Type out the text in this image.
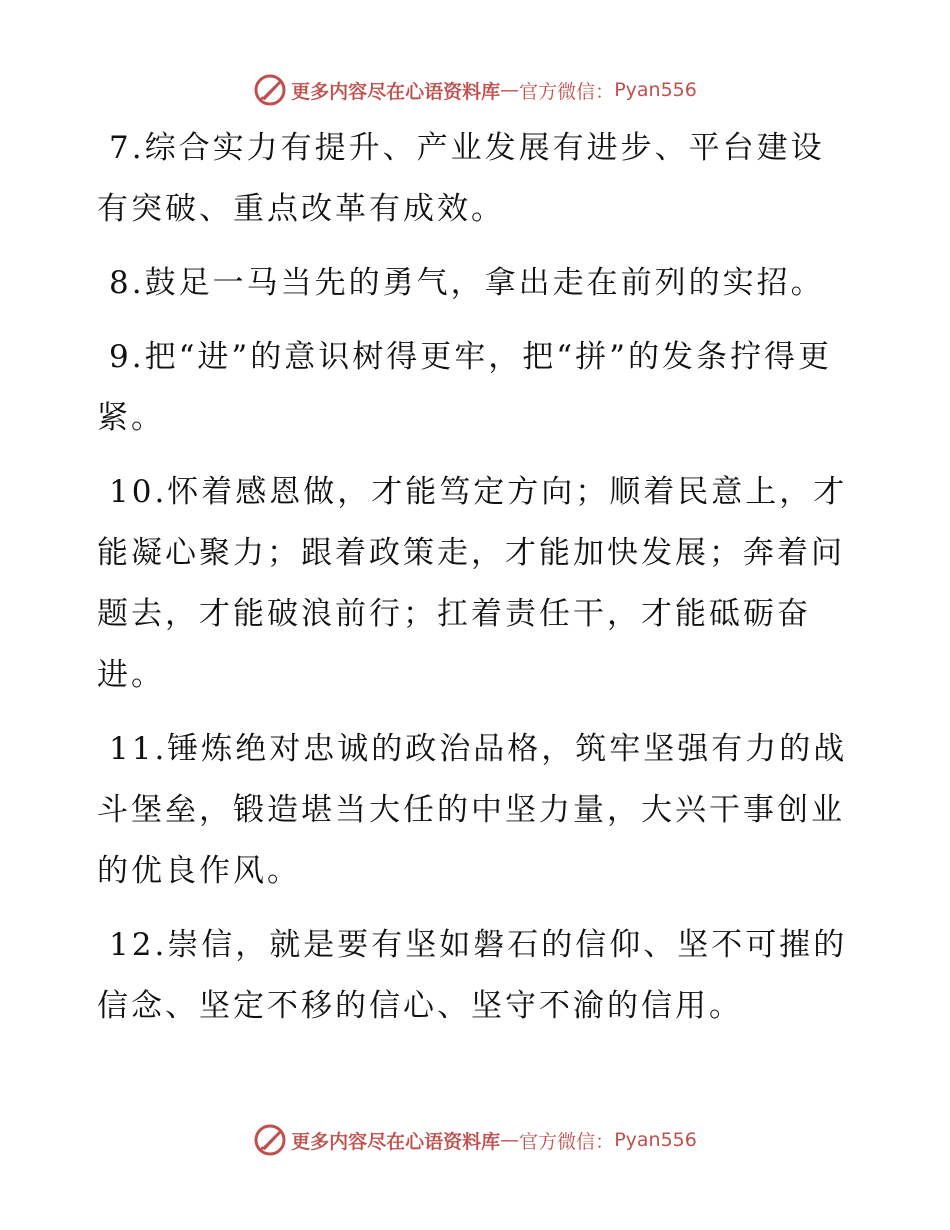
更多内容尽在心语资料库 — 官方微信： Pyan556

7.综合实力有提升、产业发展有进步、平台建设有突破、重点改革有成效。

8.鼓足一马当先的勇气，拿出走在前列的实招。

9.把“进”的意识树得更牢，把“拼”的发条拧得更紧。

10.怀着感恩做，才能笃定方向；顺着民意上，才能凝心聚力；跟着政策走，才能加快发展；奔着问题去，才能破浪前行；扛着责任干，才能砥砺奋进。

11.锤炼绝对忠诚的政治品格，筑牢坚强有力的战斗堡垒，锻造堪当大任的中坚力量，大兴干事创业的优良作风。

12.崇信，就是要有坚如磐石的信仰、坚不可摧的信念、坚定不移的信心、坚守不渝的信用。

更多内容尽在心语资料库 — 官方微信： Pyan556
